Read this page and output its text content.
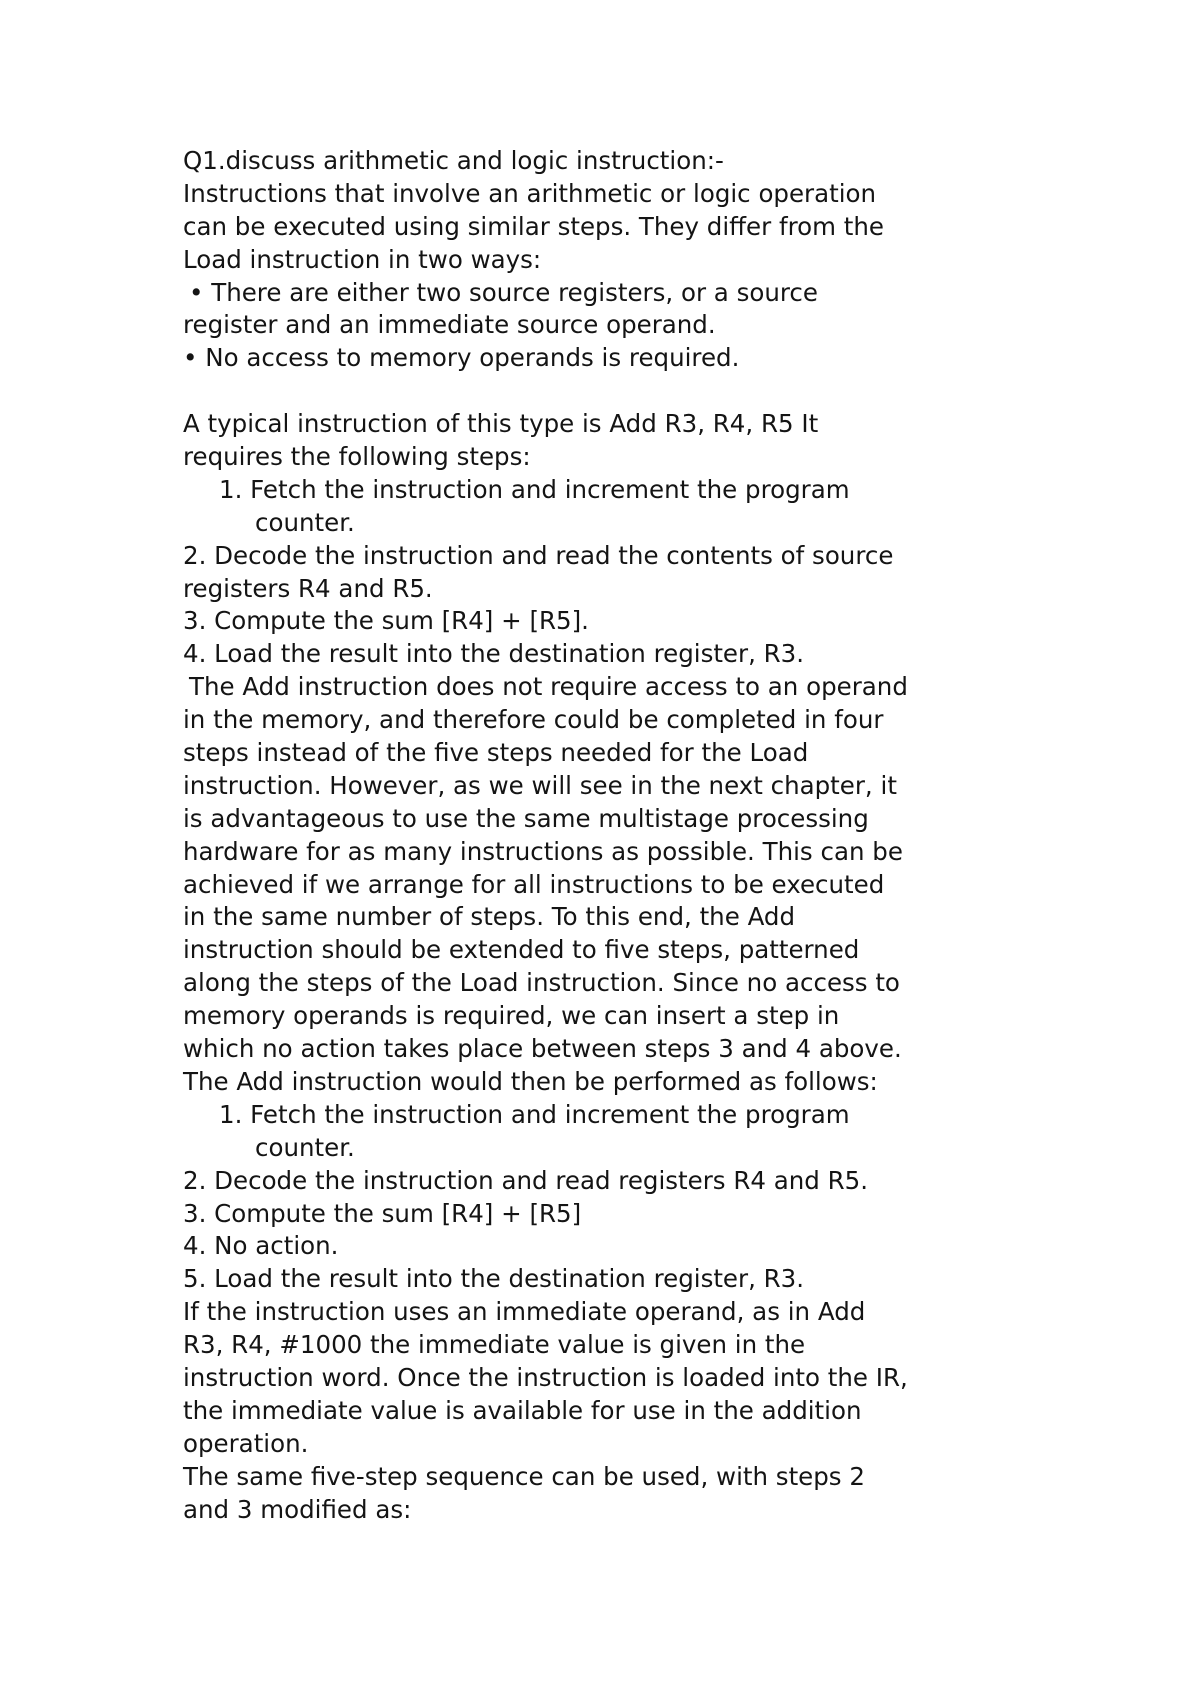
Q1.discuss arithmetic and logic instruction:-
Instructions that involve an arithmetic or logic operation
can be executed using similar steps. They differ from the
Load instruction in two ways:
• There are either two source registers, or a source
register and an immediate source operand.
• No access to memory operands is required.
A typical instruction of this type is Add R3, R4, R5 It
requires the following steps:
1. Fetch the instruction and increment the program
counter.
2. Decode the instruction and read the contents of source
registers R4 and R5.
3. Compute the sum [R4] + [R5].
4. Load the result into the destination register, R3.
The Add instruction does not require access to an operand
in the memory, and therefore could be completed in four
steps instead of the five steps needed for the Load
instruction. However, as we will see in the next chapter, it
is advantageous to use the same multistage processing
hardware for as many instructions as possible. This can be
achieved if we arrange for all instructions to be executed
in the same number of steps. To this end, the Add
instruction should be extended to five steps, patterned
along the steps of the Load instruction. Since no access to
memory operands is required, we can insert a step in
which no action takes place between steps 3 and 4 above.
The Add instruction would then be performed as follows:
1. Fetch the instruction and increment the program
counter.
2. Decode the instruction and read registers R4 and R5.
3. Compute the sum [R4] + [R5]
4. No action.
5. Load the result into the destination register, R3.
If the instruction uses an immediate operand, as in Add
R3, R4, #1000 the immediate value is given in the
instruction word. Once the instruction is loaded into the IR,
the immediate value is available for use in the addition
operation.
The same five-step sequence can be used, with steps 2
and 3 modified as:
